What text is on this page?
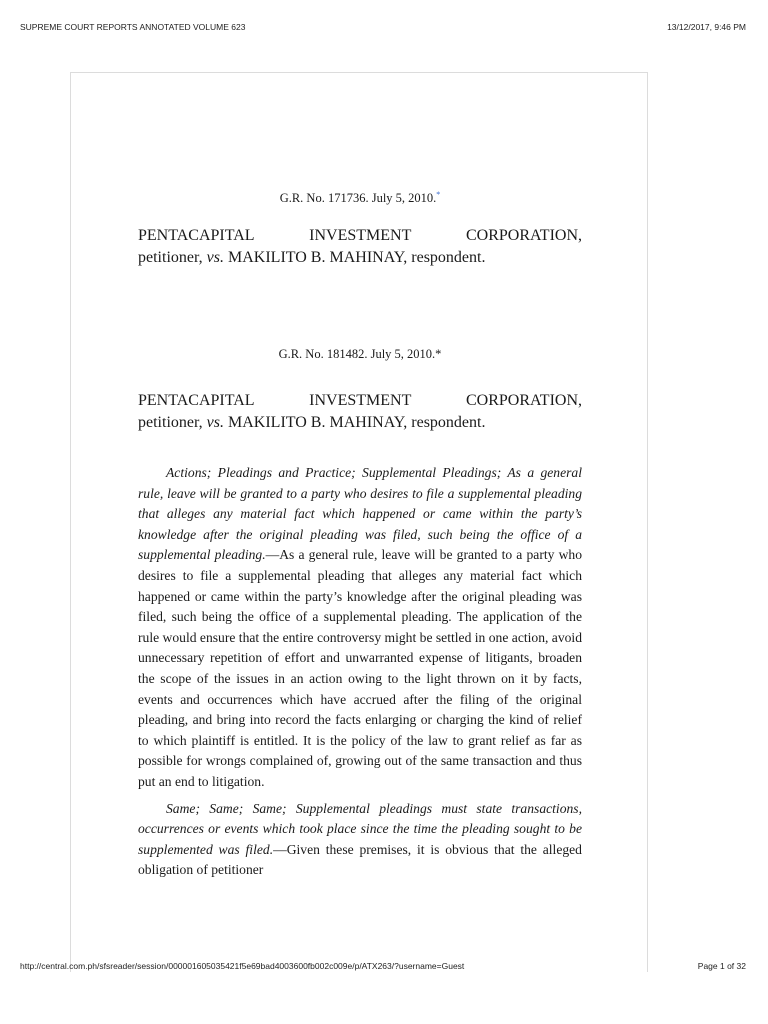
SUPREME COURT REPORTS ANNOTATED VOLUME 623	13/12/2017, 9:46 PM
G.R. No. 171736. July 5, 2010.*
PENTACAPITAL	INVESTMENT	CORPORATION,
petitioner, vs. MAKILITO B. MAHINAY, respondent.
G.R. No. 181482. July 5, 2010.*
PENTACAPITAL	INVESTMENT	CORPORATION,
petitioner, vs. MAKILITO B. MAHINAY, respondent.

Actions; Pleadings and Practice; Supplemental Pleadings; As a general rule, leave will be granted to a party who desires to file a supplemental pleading that alleges any material fact which happened or came within the party’s knowledge after the original pleading was filed, such being the office of a supplemental pleading.—As a general rule, leave will be granted to a party who desires to file a supplemental pleading that alleges any material fact which happened or came within the party’s knowledge after the original pleading was filed, such being the office of a supplemental pleading. The application of the rule would ensure that the entire controversy might be settled in one action, avoid unnecessary repetition of effort and unwarranted expense of litigants, broaden the scope of the issues in an action owing to the light thrown on it by facts, events and occurrences which have accrued after the filing of the original pleading, and bring into record the facts enlarging or charging the kind of relief to which plaintiff is entitled. It is the policy of the law to grant relief as far as possible for wrongs complained of, growing out of the same transaction and thus put an end to litigation.

Same; Same; Same; Supplemental pleadings must state transactions, occurrences or events which took place since the time the pleading sought to be supplemented was filed.—Given these premises, it is obvious that the alleged obligation of petitioner

http://central.com.ph/sfsreader/session/000001605035421f5e69bad4003600fb002c009e/p/ATX263/?username=Guest	Page 1 of 32
